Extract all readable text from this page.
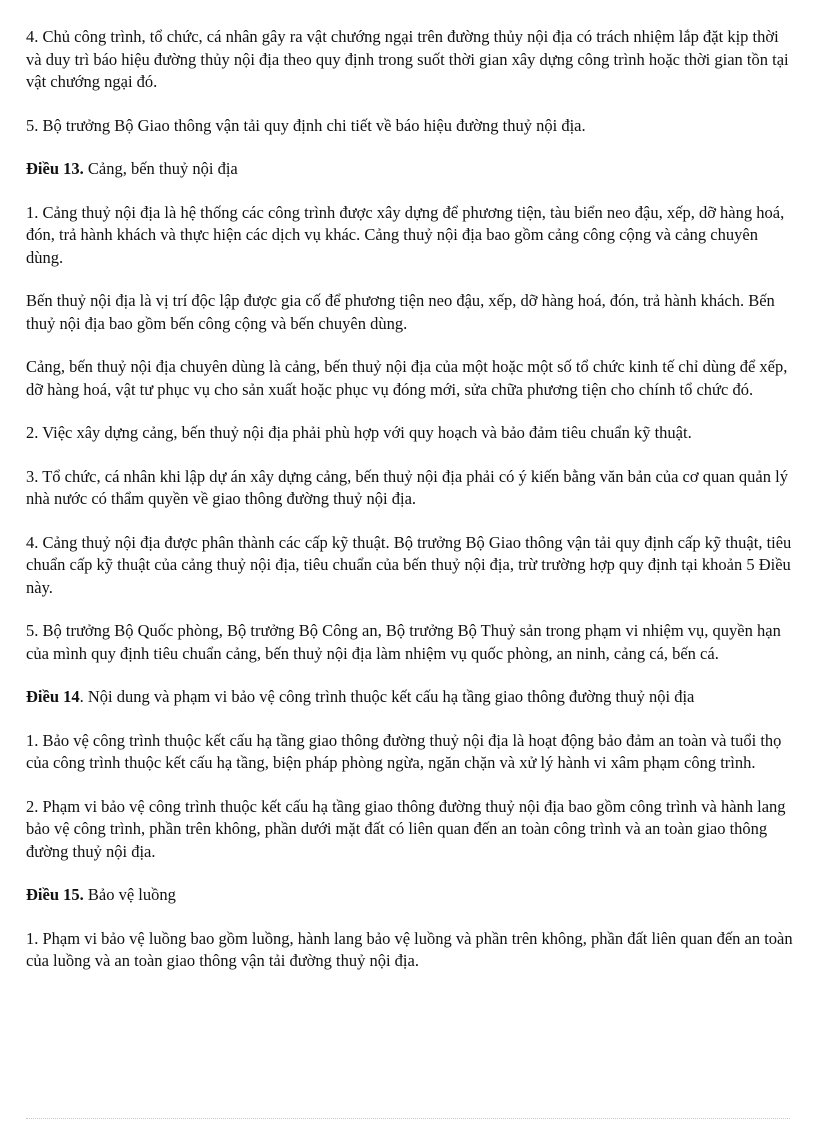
4. Chủ công trình, tổ chức, cá nhân gây ra vật chướng ngại trên đường thủy nội địa có trách nhiệm lắp đặt kịp thời và duy trì báo hiệu đường thủy nội địa theo quy định trong suốt thời gian xây dựng công trình hoặc thời gian tồn tại vật chướng ngại đó.

5. Bộ trưởng Bộ Giao thông vận tải quy định chi tiết về báo hiệu đường thuỷ nội địa.

Điều 13. Cảng, bến thuỷ nội địa

1. Cảng thuỷ nội địa là hệ thống các công trình được xây dựng để phương tiện, tàu biển neo đậu, xếp, dỡ hàng hoá, đón, trả hành khách và thực hiện các dịch vụ khác. Cảng thuỷ nội địa bao gồm cảng công cộng và cảng chuyên dùng.

Bến thuỷ nội địa là vị trí độc lập được gia cố để phương tiện neo đậu, xếp, dỡ hàng hoá, đón, trả hành khách. Bến thuỷ nội địa bao gồm bến công cộng và bến chuyên dùng.

Cảng, bến thuỷ nội địa chuyên dùng là cảng, bến thuỷ nội địa của một hoặc một số tổ chức kinh tế chỉ dùng để xếp, dỡ hàng hoá, vật tư phục vụ cho sản xuất hoặc phục vụ đóng mới, sửa chữa phương tiện cho chính tổ chức đó.

2. Việc xây dựng cảng, bến thuỷ nội địa phải phù hợp với quy hoạch và bảo đảm tiêu chuẩn kỹ thuật.

3. Tổ chức, cá nhân khi lập dự án xây dựng cảng, bến thuỷ nội địa phải có ý kiến bằng văn bản của cơ quan quản lý nhà nước có thẩm quyền về giao thông đường thuỷ nội địa.

4. Cảng thuỷ nội địa được phân thành các cấp kỹ thuật. Bộ trưởng Bộ Giao thông vận tải quy định cấp kỹ thuật, tiêu chuẩn cấp kỹ thuật của cảng thuỷ nội địa, tiêu chuẩn của bến thuỷ nội địa, trừ trường hợp quy định tại khoản 5 Điều này.

5. Bộ trưởng Bộ Quốc phòng, Bộ trưởng Bộ Công an, Bộ trưởng Bộ Thuỷ sản trong phạm vi nhiệm vụ, quyền hạn của mình quy định tiêu chuẩn cảng, bến thuỷ nội địa làm nhiệm vụ quốc phòng, an ninh, cảng cá, bến cá.

Điều 14. Nội dung và phạm vi bảo vệ công trình thuộc kết cấu hạ tầng giao thông đường thuỷ nội địa

1. Bảo vệ công trình thuộc kết cấu hạ tầng giao thông đường thuỷ nội địa là hoạt động bảo đảm an toàn và tuổi thọ của công trình thuộc kết cấu hạ tầng, biện pháp phòng ngừa, ngăn chặn và xử lý hành vi xâm phạm công trình.

2. Phạm vi bảo vệ công trình thuộc kết cấu hạ tầng giao thông đường thuỷ nội địa bao gồm công trình và hành lang bảo vệ công trình, phần trên không, phần dưới mặt đất có liên quan đến an toàn công trình và an toàn giao thông đường thuỷ nội địa.

Điều 15. Bảo vệ luồng

1. Phạm vi bảo vệ luồng bao gồm luồng, hành lang bảo vệ luồng và phần trên không, phần đất liên quan đến an toàn của luồng và an toàn giao thông vận tải đường thuỷ nội địa.
